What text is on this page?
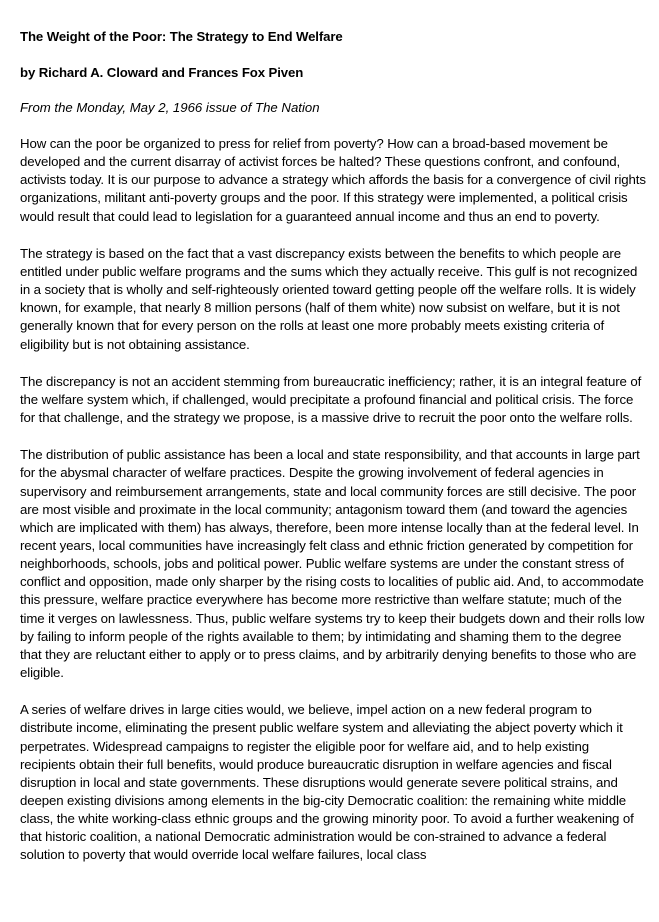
The Weight of the Poor: The Strategy to End Welfare

by Richard A. Cloward and Frances Fox Piven

From the Monday, May 2, 1966 issue of The Nation

How can the poor be organized to press for relief from poverty? How can a broad-based movement be developed and the current disarray of activist forces be halted? These questions confront, and confound, activists today. It is our purpose to advance a strategy which affords the basis for a convergence of civil rights organizations, militant anti-poverty groups and the poor. If this strategy were implemented, a political crisis would result that could lead to legislation for a guaranteed annual income and thus an end to poverty.

The strategy is based on the fact that a vast discrepancy exists between the benefits to which people are entitled under public welfare programs and the sums which they actually receive. This gulf is not recognized in a society that is wholly and self-righteously oriented toward getting people off the welfare rolls. It is widely known, for example, that nearly 8 million persons (half of them white) now subsist on welfare, but it is not generally known that for every person on the rolls at least one more probably meets existing criteria of eligibility but is not obtaining assistance.

The discrepancy is not an accident stemming from bureaucratic inefficiency; rather, it is an integral feature of the welfare system which, if challenged, would precipitate a profound financial and political crisis. The force for that challenge, and the strategy we propose, is a massive drive to recruit the poor onto the welfare rolls.

The distribution of public assistance has been a local and state responsibility, and that accounts in large part for the abysmal character of welfare practices. Despite the growing involvement of federal agencies in supervisory and reimbursement arrangements, state and local community forces are still decisive. The poor are most visible and proximate in the local community; antagonism toward them (and toward the agencies which are implicated with them) has always, therefore, been more intense locally than at the federal level. In recent years, local communities have increasingly felt class and ethnic friction generated by competition for neighborhoods, schools, jobs and political power. Public welfare systems are under the constant stress of conflict and opposition, made only sharper by the rising costs to localities of public aid. And, to accommodate this pressure, welfare practice everywhere has become more restrictive than welfare statute; much of the time it verges on lawlessness. Thus, public welfare systems try to keep their budgets down and their rolls low by failing to inform people of the rights available to them; by intimidating and shaming them to the degree that they are reluctant either to apply or to press claims, and by arbitrarily denying benefits to those who are eligible.

A series of welfare drives in large cities would, we believe, impel action on a new federal program to distribute income, eliminating the present public welfare system and alleviating the abject poverty which it perpetrates. Widespread campaigns to register the eligible poor for welfare aid, and to help existing recipients obtain their full benefits, would produce bureaucratic disruption in welfare agencies and fiscal disruption in local and state governments. These disruptions would generate severe political strains, and deepen existing divisions among elements in the big-city Democratic coalition: the remaining white middle class, the white working-class ethnic groups and the growing minority poor. To avoid a further weakening of that historic coalition, a national Democratic administration would be con-strained to advance a federal solution to poverty that would override local welfare failures, local class
